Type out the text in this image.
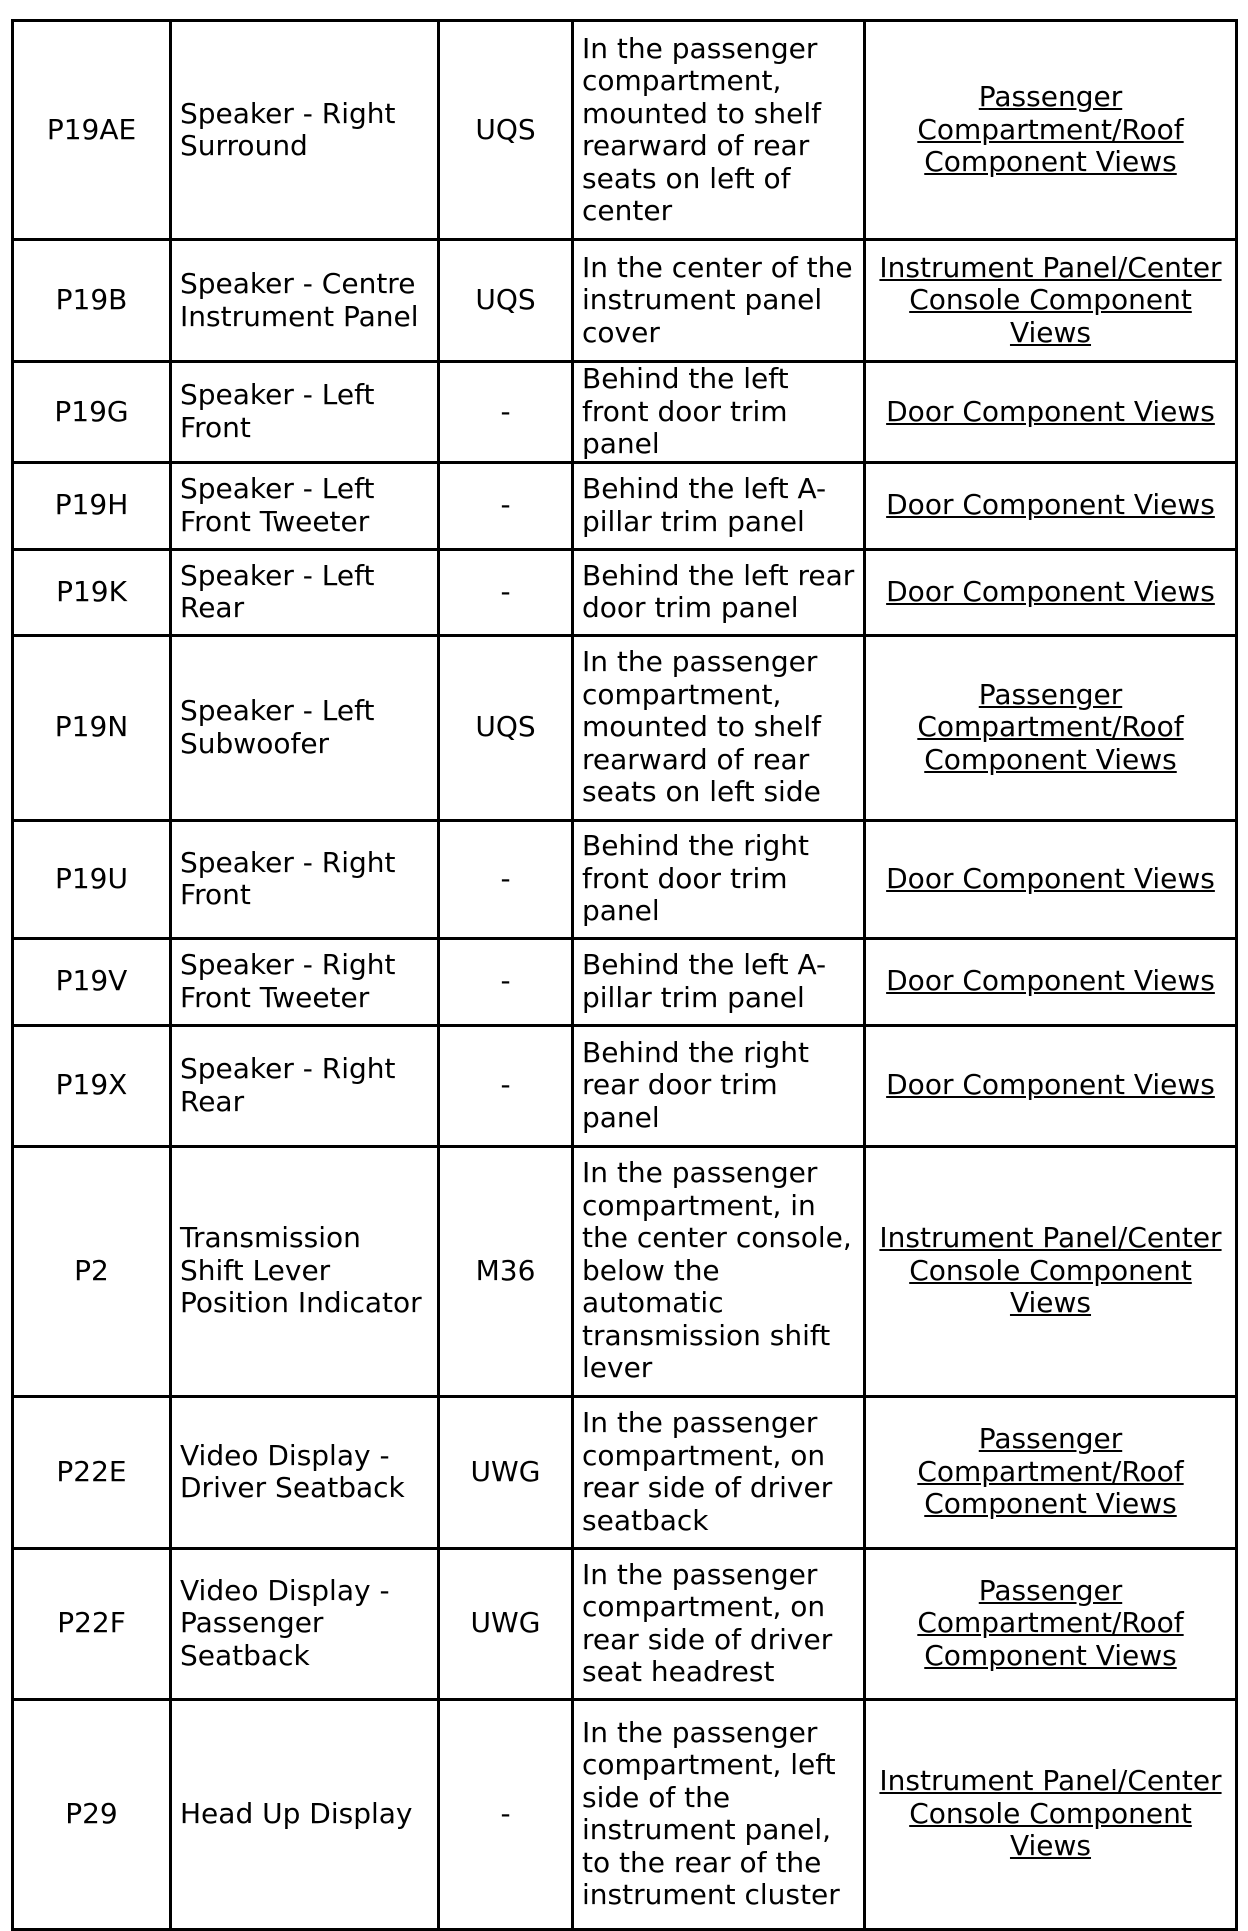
P19AE	Speaker - Right Surround	UQS	In the passenger compartment, mounted to shelf rearward of rear seats on left of center	Passenger Compartment/Roof Component Views
P19B	Speaker - Centre Instrument Panel	UQS	In the center of the instrument panel cover	Instrument Panel/Center Console Component Views
P19G	Speaker - Left Front	-	Behind the left front door trim panel	Door Component Views
P19H	Speaker - Left Front Tweeter	-	Behind the left A-pillar trim panel	Door Component Views
P19K	Speaker - Left Rear	-	Behind the left rear door trim panel	Door Component Views
P19N	Speaker - Left Subwoofer	UQS	In the passenger compartment, mounted to shelf rearward of rear seats on left side	Passenger Compartment/Roof Component Views
P19U	Speaker - Right Front	-	Behind the right front door trim panel	Door Component Views
P19V	Speaker - Right Front Tweeter	-	Behind the left A-pillar trim panel	Door Component Views
P19X	Speaker - Right Rear	-	Behind the right rear door trim panel	Door Component Views
P2	Transmission Shift Lever Position Indicator	M36	In the passenger compartment, in the center console, below the automatic transmission shift lever	Instrument Panel/Center Console Component Views
P22E	Video Display - Driver Seatback	UWG	In the passenger compartment, on rear side of driver seatback	Passenger Compartment/Roof Component Views
P22F	Video Display - Passenger Seatback	UWG	In the passenger compartment, on rear side of driver seat headrest	Passenger Compartment/Roof Component Views
P29	Head Up Display	-	In the passenger compartment, left side of the instrument panel, to the rear of the instrument cluster	Instrument Panel/Center Console Component Views
